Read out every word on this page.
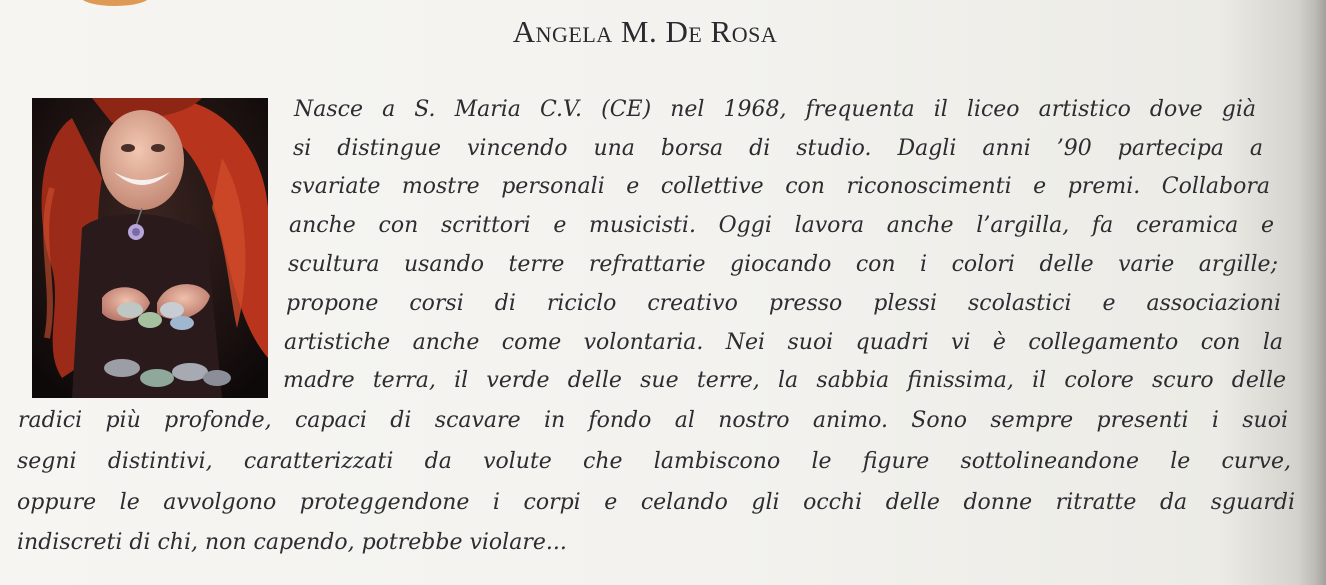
Angela M. De Rosa
Nasce a S. Maria C.V. (CE) nel 1968, frequenta il liceo artistico dove già
si distingue vincendo una borsa di studio. Dagli anni ’90 partecipa a
svariate mostre personali e collettive con riconoscimenti e premi. Collabora
anche con scrittori e musicisti. Oggi lavora anche l’argilla, fa ceramica e
scultura usando terre refrattarie giocando con i colori delle varie argille;
propone corsi di riciclo creativo presso plessi scolastici e associazioni
artistiche anche come volontaria. Nei suoi quadri vi è collegamento con la
madre terra, il verde delle sue terre, la sabbia finissima, il colore scuro delle
radici più profonde, capaci di scavare in fondo al nostro animo. Sono sempre presenti i suoi
segni distintivi, caratterizzati da volute che lambiscono le figure sottolineandone le curve,
oppure le avvolgono proteggendone i corpi e celando gli occhi delle donne ritratte da sguardi
indiscreti di chi, non capendo, potrebbe violare...
